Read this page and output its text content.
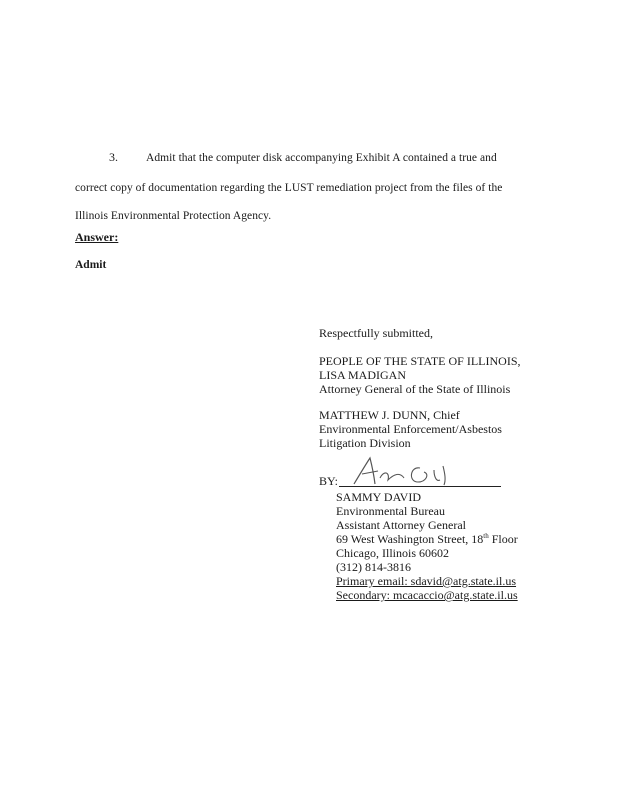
3. Admit that the computer disk accompanying Exhibit A contained a true and
correct copy of documentation regarding the LUST remediation project from the files of the
Illinois Environmental Protection Agency.
Answer:
Admit
Respectfully submitted,
PEOPLE OF THE STATE OF ILLINOIS,
LISA MADIGAN
Attorney General of the State of Illinois
MATTHEW J. DUNN, Chief
Environmental Enforcement/Asbestos
Litigation Division
BY:
SAMMY DAVID
Environmental Bureau
Assistant Attorney General
69 West Washington Street, 18th Floor
Chicago, Illinois 60602
(312) 814-3816
Primary email: sdavid@atg.state.il.us
Secondary: mcacaccio@atg.state.il.us
